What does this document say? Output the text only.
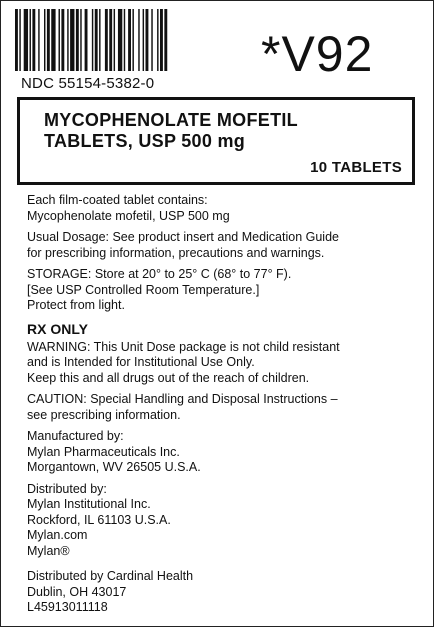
NDC 55154-5382-0
*V92
MYCOPHENOLATE MOFETIL
TABLETS, USP 500 mg
10 TABLETS
Each film-coated tablet contains:
Mycophenolate mofetil, USP 500 mg
Usual Dosage: See product insert and Medication Guide
for prescribing information, precautions and warnings.
STORAGE: Store at 20° to 25° C (68° to 77° F).
[See USP Controlled Room Temperature.]
Protect from light.
RX ONLY
WARNING: This Unit Dose package is not child resistant
and is Intended for Institutional Use Only.
Keep this and all drugs out of the reach of children.
CAUTION: Special Handling and Disposal Instructions –
see prescribing information.
Manufactured by:
Mylan Pharmaceuticals Inc.
Morgantown, WV 26505 U.S.A.
Distributed by:
Mylan Institutional Inc.
Rockford, IL 61103 U.S.A.
Mylan.com
Mylan®
Distributed by Cardinal Health
Dublin, OH 43017
L45913011118
